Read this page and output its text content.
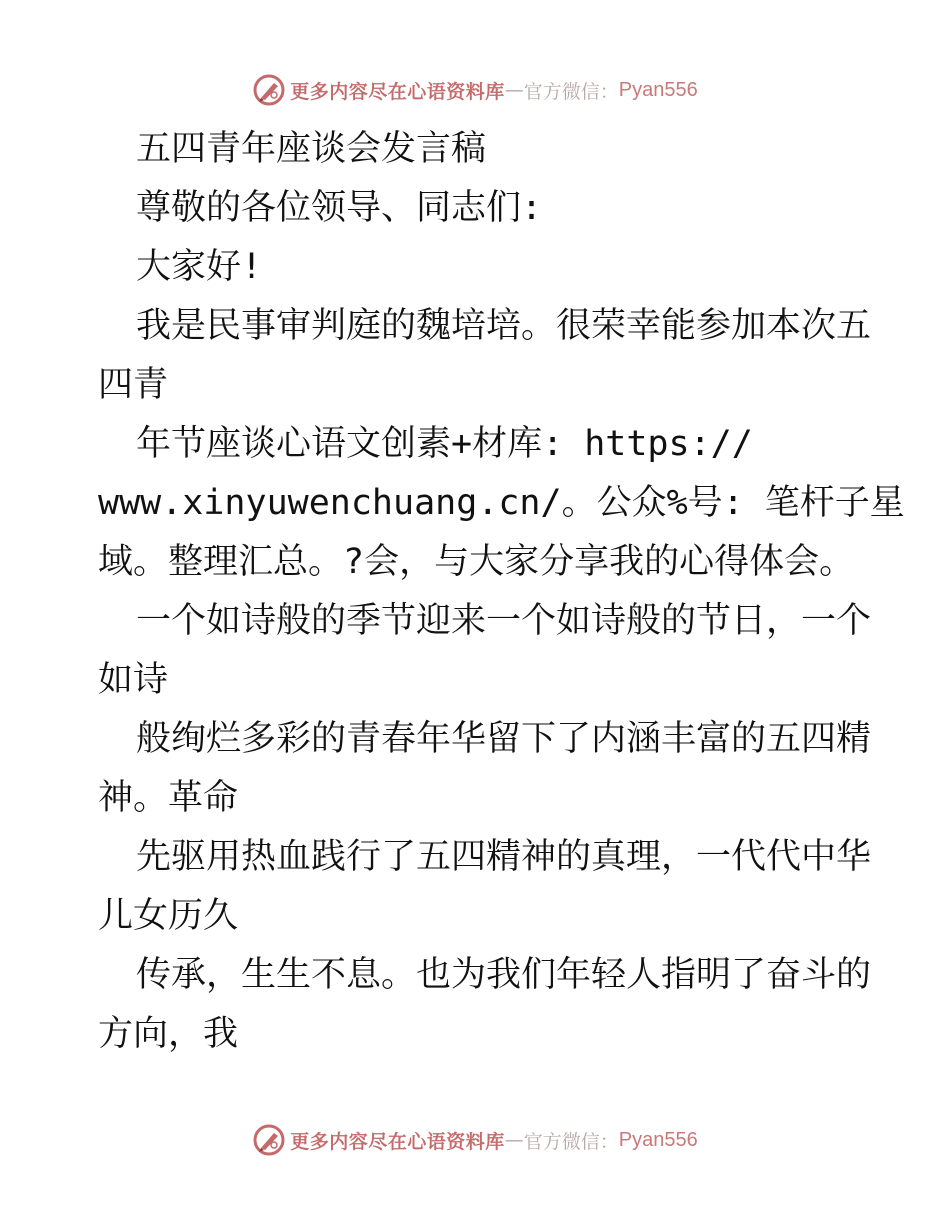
更多内容尽在心语资料库 — 官方微信： Pyan556
五四青年座谈会发言稿
尊敬的各位领导、同志们:
大家好!
我是民事审判庭的魏培培。很荣幸能参加本次五
四青
年节座谈心语文创素+材库: https://
www.xinyuwenchuang.cn/。公众%号: 笔杆子星
域。整理汇总。?会，与大家分享我的心得体会。
一个如诗般的季节迎来一个如诗般的节日，一个
如诗
般绚烂多彩的青春年华留下了内涵丰富的五四精
神。革命
先驱用热血践行了五四精神的真理，一代代中华
儿女历久
传承，生生不息。也为我们年轻人指明了奋斗的
方向，我
更多内容尽在心语资料库 — 官方微信： Pyan556
